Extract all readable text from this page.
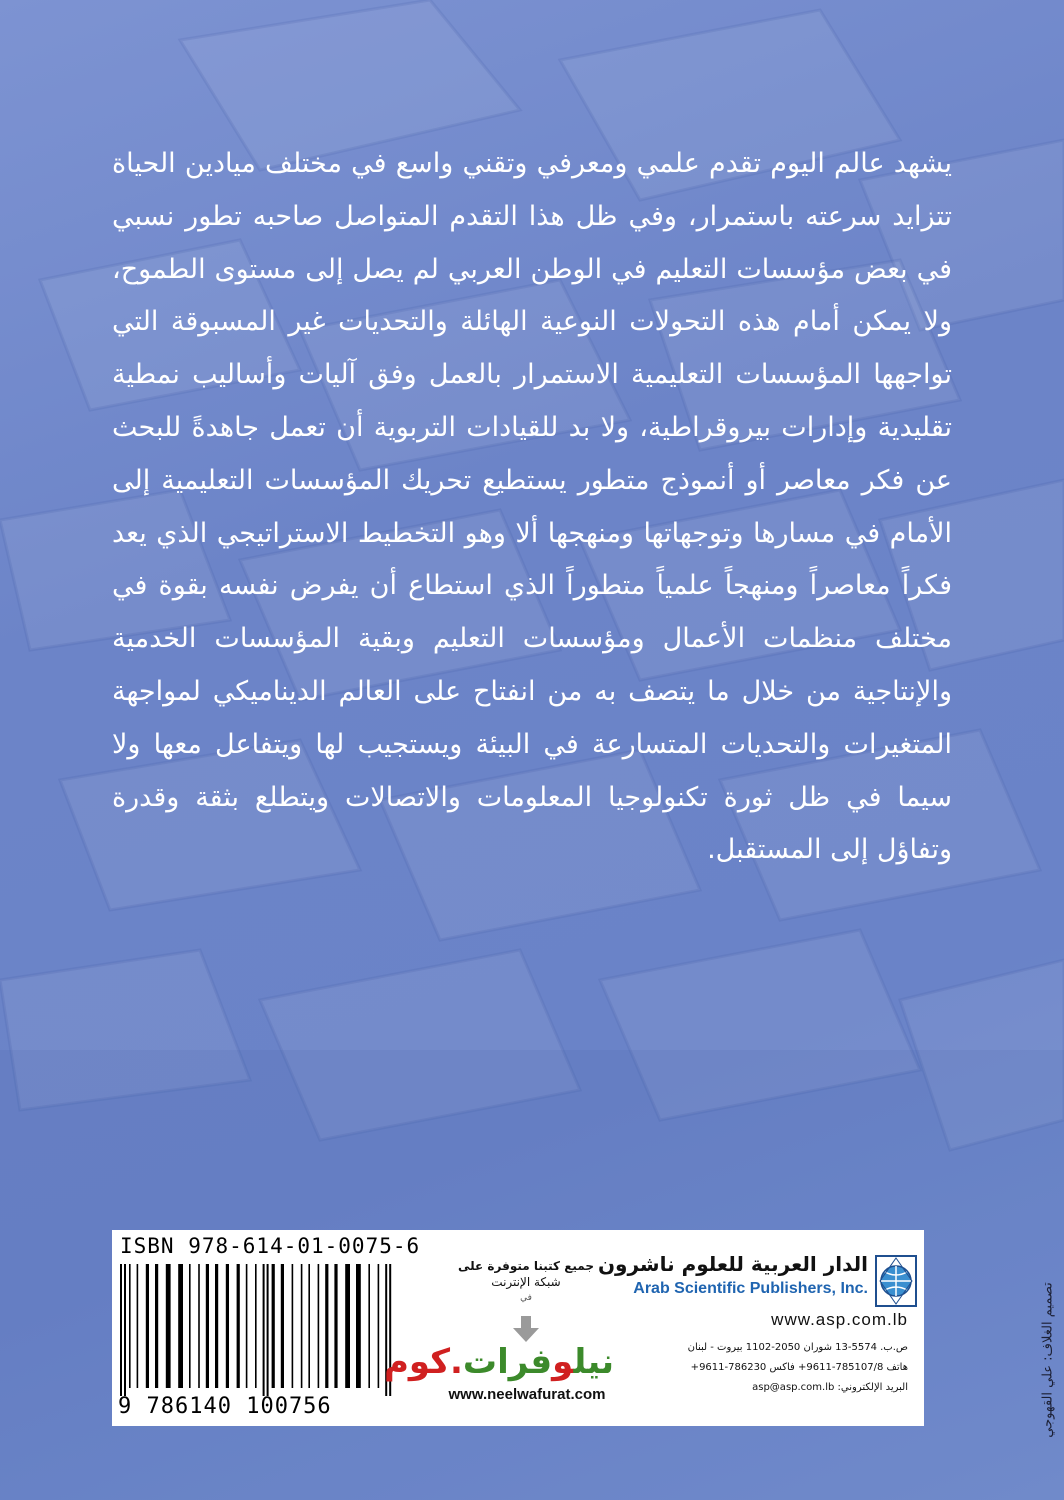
يشهد عالم اليوم تقدم علمي ومعرفي وتقني واسع في مختلف ميادين الحياة تتزايد سرعته باستمرار، وفي ظل هذا التقدم المتواصل صاحبه تطور نسبي في بعض مؤسسات التعليم في الوطن العربي لم يصل إلى مستوى الطموح، ولا يمكن أمام هذه التحولات النوعية الهائلة والتحديات غير المسبوقة التي تواجهها المؤسسات التعليمية الاستمرار بالعمل وفق آليات وأساليب نمطية تقليدية وإدارات بيروقراطية، ولا بد للقيادات التربوية أن تعمل جاهدةً للبحث عن فكر معاصر أو أنموذج متطور يستطيع تحريك المؤسسات التعليمية إلى الأمام في مسارها وتوجهاتها ومنهجها ألا وهو التخطيط الاستراتيجي الذي يعد فكراً معاصراً ومنهجاً علمياً متطوراً الذي استطاع أن يفرض نفسه بقوة في مختلف منظمات الأعمال ومؤسسات التعليم وبقية المؤسسات الخدمية والإنتاجية من خلال ما يتصف به من انفتاح على العالم الديناميكي لمواجهة المتغيرات والتحديات المتسارعة في البيئة ويستجيب لها ويتفاعل معها ولا سيما في ظل ثورة تكنولوجيا المعلومات والاتصالات ويتطلع بثقة وقدرة وتفاؤل إلى المستقبل.

تصميم الغلاف: علي القهوجي
ISBN 978-614-01-0075-6
9 786140 100756
جميع كتبنا متوفرة على
شبكة الإنترنت
في
نيلوفرات.كوم
www.neelwafurat.com
الدار العربية للعلوم ناشرون
Arab Scientific Publishers, Inc.
www.asp.com.lb
ص.ب. 5574-13 شوران 2050-1102 بيروت - لبنان
هاتف 785107/8-9611+ فاكس 786230-9611+
البريد الإلكتروني: asp@asp.com.lb
